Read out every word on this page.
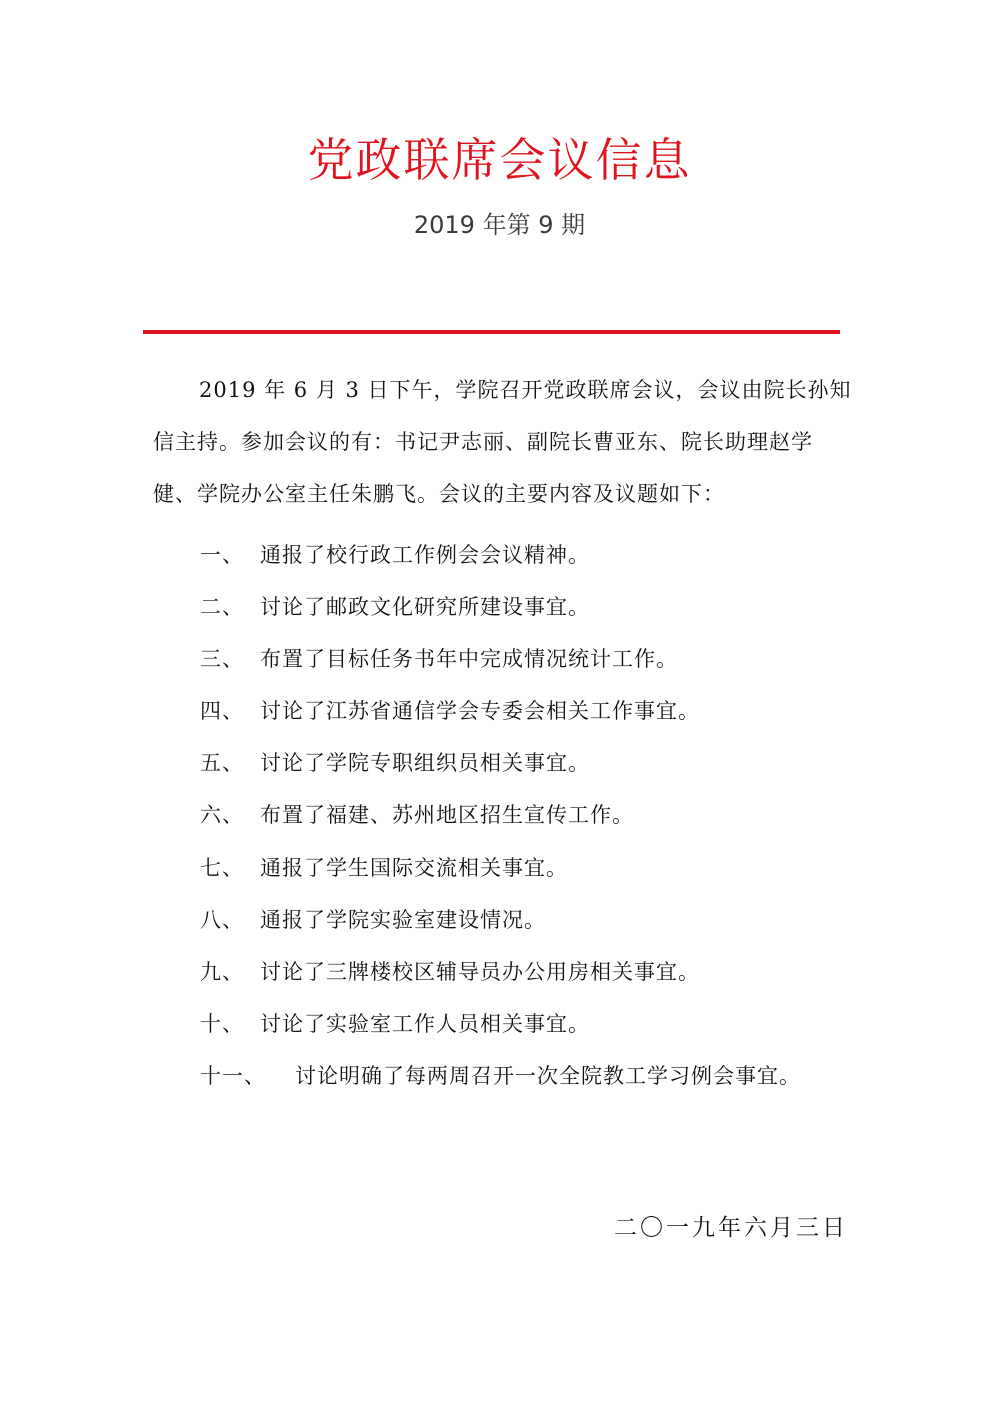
党政联席会议信息
2019 年第 9 期

2019 年 6 月 3 日下午，学院召开党政联席会议，会议由院长孙知信主持。参加会议的有：书记尹志丽、副院长曹亚东、院长助理赵学健、学院办公室主任朱鹏飞。会议的主要内容及议题如下：

一、 通报了校行政工作例会会议精神。
二、 讨论了邮政文化研究所建设事宜。
三、 布置了目标任务书年中完成情况统计工作。
四、 讨论了江苏省通信学会专委会相关工作事宜。
五、 讨论了学院专职组织员相关事宜。
六、 布置了福建、苏州地区招生宣传工作。
七、 通报了学生国际交流相关事宜。
八、 通报了学院实验室建设情况。
九、 讨论了三牌楼校区辅导员办公用房相关事宜。
十、 讨论了实验室工作人员相关事宜。
十一、 讨论明确了每两周召开一次全院教工学习例会事宜。
二〇一九年六月三日
